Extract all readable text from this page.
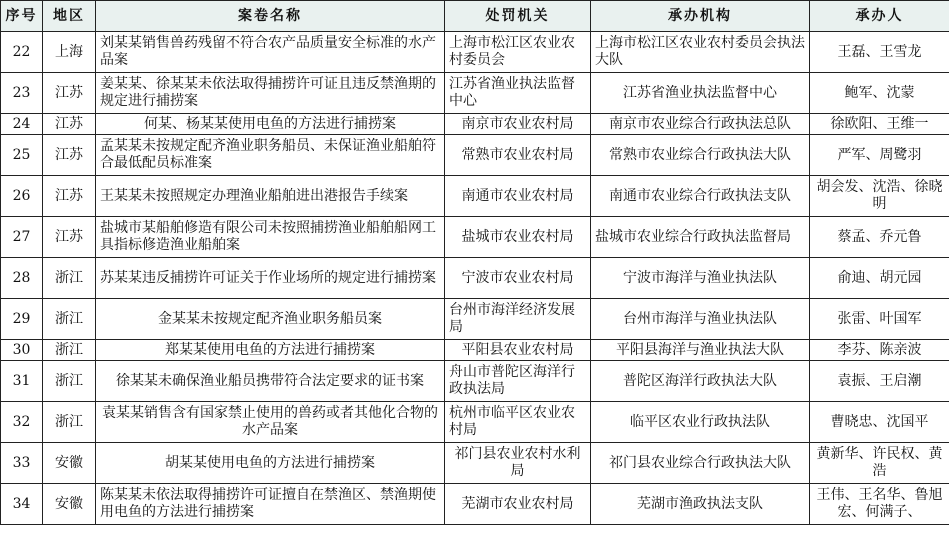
序号	地区	案卷名称	处罚机关	承办机构	承办人
22	上海	刘某某销售兽药残留不符合农产品质量安全标准的水产品案	上海市松江区农业农村委员会	上海市松江区农业农村委员会执法大队	王磊、王雪龙
23	江苏	姜某某、徐某某未依法取得捕捞许可证且违反禁渔期的规定进行捕捞案	江苏省渔业执法监督中心	江苏省渔业执法监督中心	鲍军、沈蒙
24	江苏	何某、杨某某使用电鱼的方法进行捕捞案	南京市农业农村局	南京市农业综合行政执法总队	徐欧阳、王维一
25	江苏	孟某某未按规定配齐渔业职务船员、未保证渔业船舶符合最低配员标准案	常熟市农业农村局	常熟市农业综合行政执法大队	严军、周鹭羽
26	江苏	王某某未按照规定办理渔业船舶进出港报告手续案	南通市农业农村局	南通市农业综合行政执法支队	胡会发、沈浩、徐晓明
27	江苏	盐城市某船舶修造有限公司未按照捕捞渔业船舶船网工具指标修造渔业船舶案	盐城市农业农村局	盐城市农业综合行政执法监督局	蔡孟、乔元鲁
28	浙江	苏某某违反捕捞许可证关于作业场所的规定进行捕捞案	宁波市农业农村局	宁波市海洋与渔业执法队	俞迪、胡元园
29	浙江	金某某未按规定配齐渔业职务船员案	台州市海洋经济发展局	台州市海洋与渔业执法队	张雷、叶国军
30	浙江	郑某某使用电鱼的方法进行捕捞案	平阳县农业农村局	平阳县海洋与渔业执法大队	李芬、陈亲波
31	浙江	徐某某未确保渔业船员携带符合法定要求的证书案	舟山市普陀区海洋行政执法局	普陀区海洋行政执法大队	袁振、王启潮
32	浙江	袁某某销售含有国家禁止使用的兽药或者其他化合物的水产品案	杭州市临平区农业农村局	临平区农业行政执法队	曹晓忠、沈国平
33	安徽	胡某某使用电鱼的方法进行捕捞案	祁门县农业农村水利局	祁门县农业综合行政执法大队	黄新华、许民权、黄浩
34	安徽	陈某某未依法取得捕捞许可证擅自在禁渔区、禁渔期使用电鱼的方法进行捕捞案	芜湖市农业农村局	芜湖市渔政执法支队	王伟、王名华、鲁旭宏、何满子、
